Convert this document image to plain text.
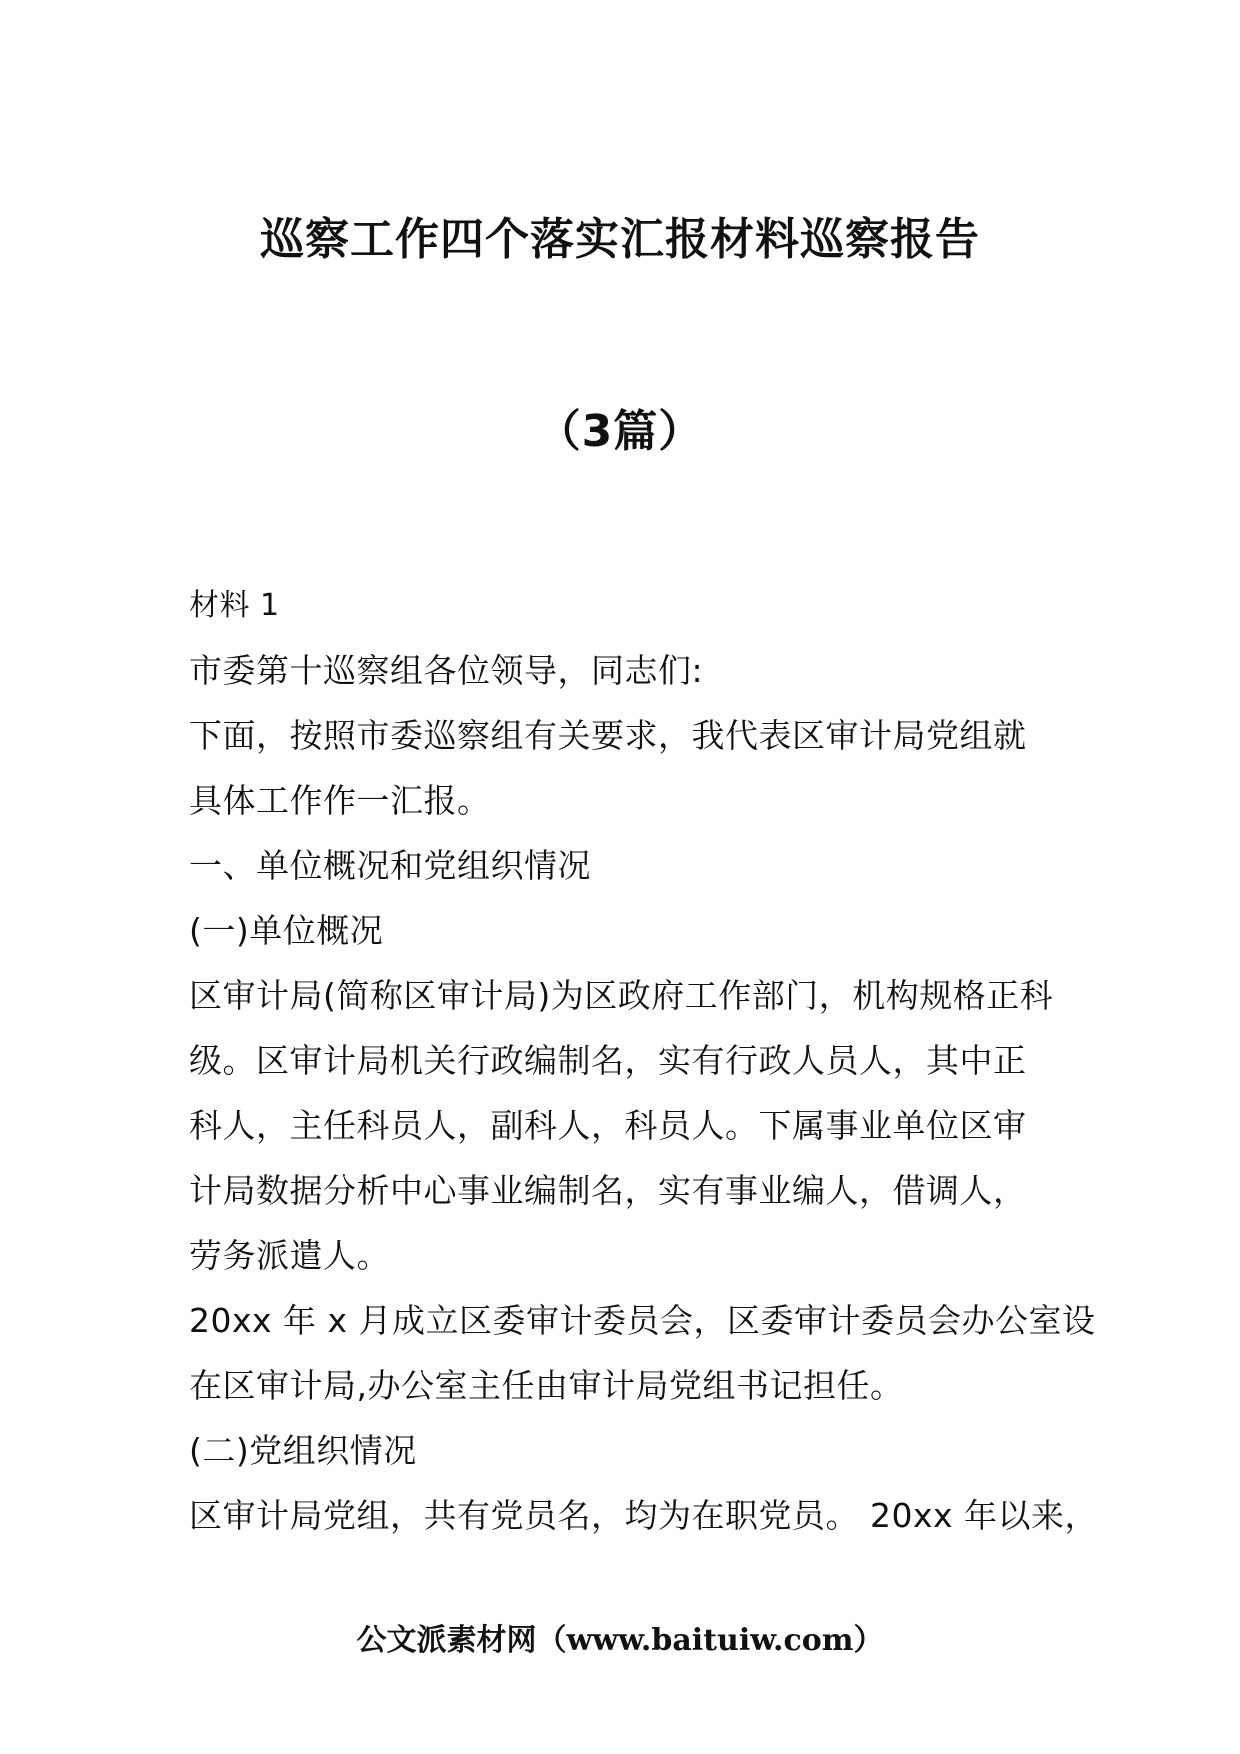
巡察工作四个落实汇报材料巡察报告
（3篇）

材料 1

市委第十巡察组各位领导，同志们:

下面，按照市委巡察组有关要求，我代表区审计局党组就

具体工作作一汇报。

一、单位概况和党组织情况

(一)单位概况

区审计局(简称区审计局)为区政府工作部门，机构规格正科

级。区审计局机关行政编制名，实有行政人员人，其中正

科人，主任科员人，副科人，科员人。下属事业单位区审

计局数据分析中心事业编制名，实有事业编人，借调人，

劳务派遣人。

20xx 年 x 月成立区委审计委员会，区委审计委员会办公室设

在区审计局,办公室主任由审计局党组书记担任。

(二)党组织情况

区审计局党组，共有党员名，均为在职党员。 20xx 年以来，

公文派素材网（www.baituiw.com）
